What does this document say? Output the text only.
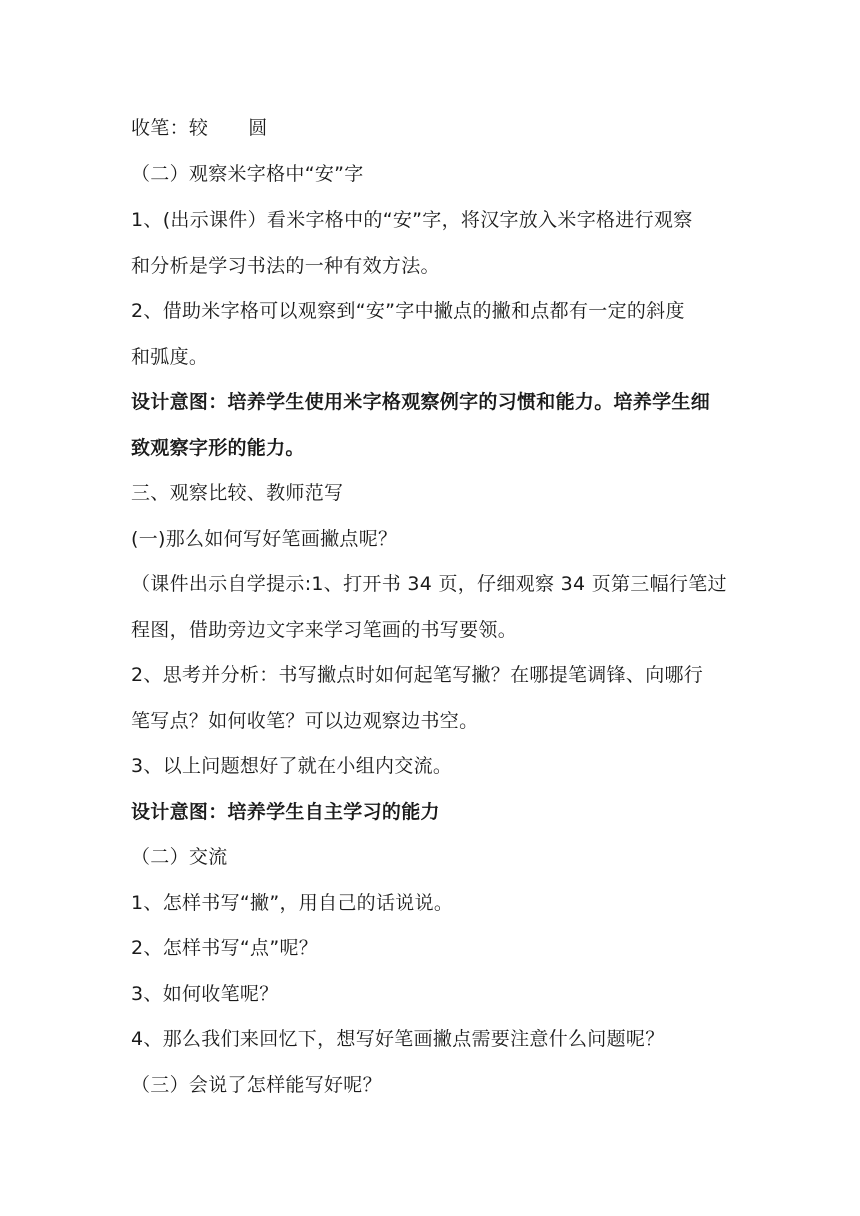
收笔：较 圆
（二）观察米字格中“安”字
1、(出示课件）看米字格中的“安”字，将汉字放入米字格进行观察
和分析是学习书法的一种有效方法。
2、借助米字格可以观察到“安”字中撇点的撇和点都有一定的斜度
和弧度。
设计意图：培养学生使用米字格观察例字的习惯和能力。培养学生细
致观察字形的能力。
三、观察比较、教师范写
(一)那么如何写好笔画撇点呢？
（课件出示自学提示:1、打开书 34 页，仔细观察 34 页第三幅行笔过
程图，借助旁边文字来学习笔画的书写要领。
2、思考并分析：书写撇点时如何起笔写撇？在哪提笔调锋、向哪行
笔写点？如何收笔？可以边观察边书空。
3、以上问题想好了就在小组内交流。
设计意图：培养学生自主学习的能力
（二）交流
1、怎样书写“撇”，用自己的话说说。
2、怎样书写“点”呢？
3、如何收笔呢？
4、那么我们来回忆下，想写好笔画撇点需要注意什么问题呢？
（三）会说了怎样能写好呢？
